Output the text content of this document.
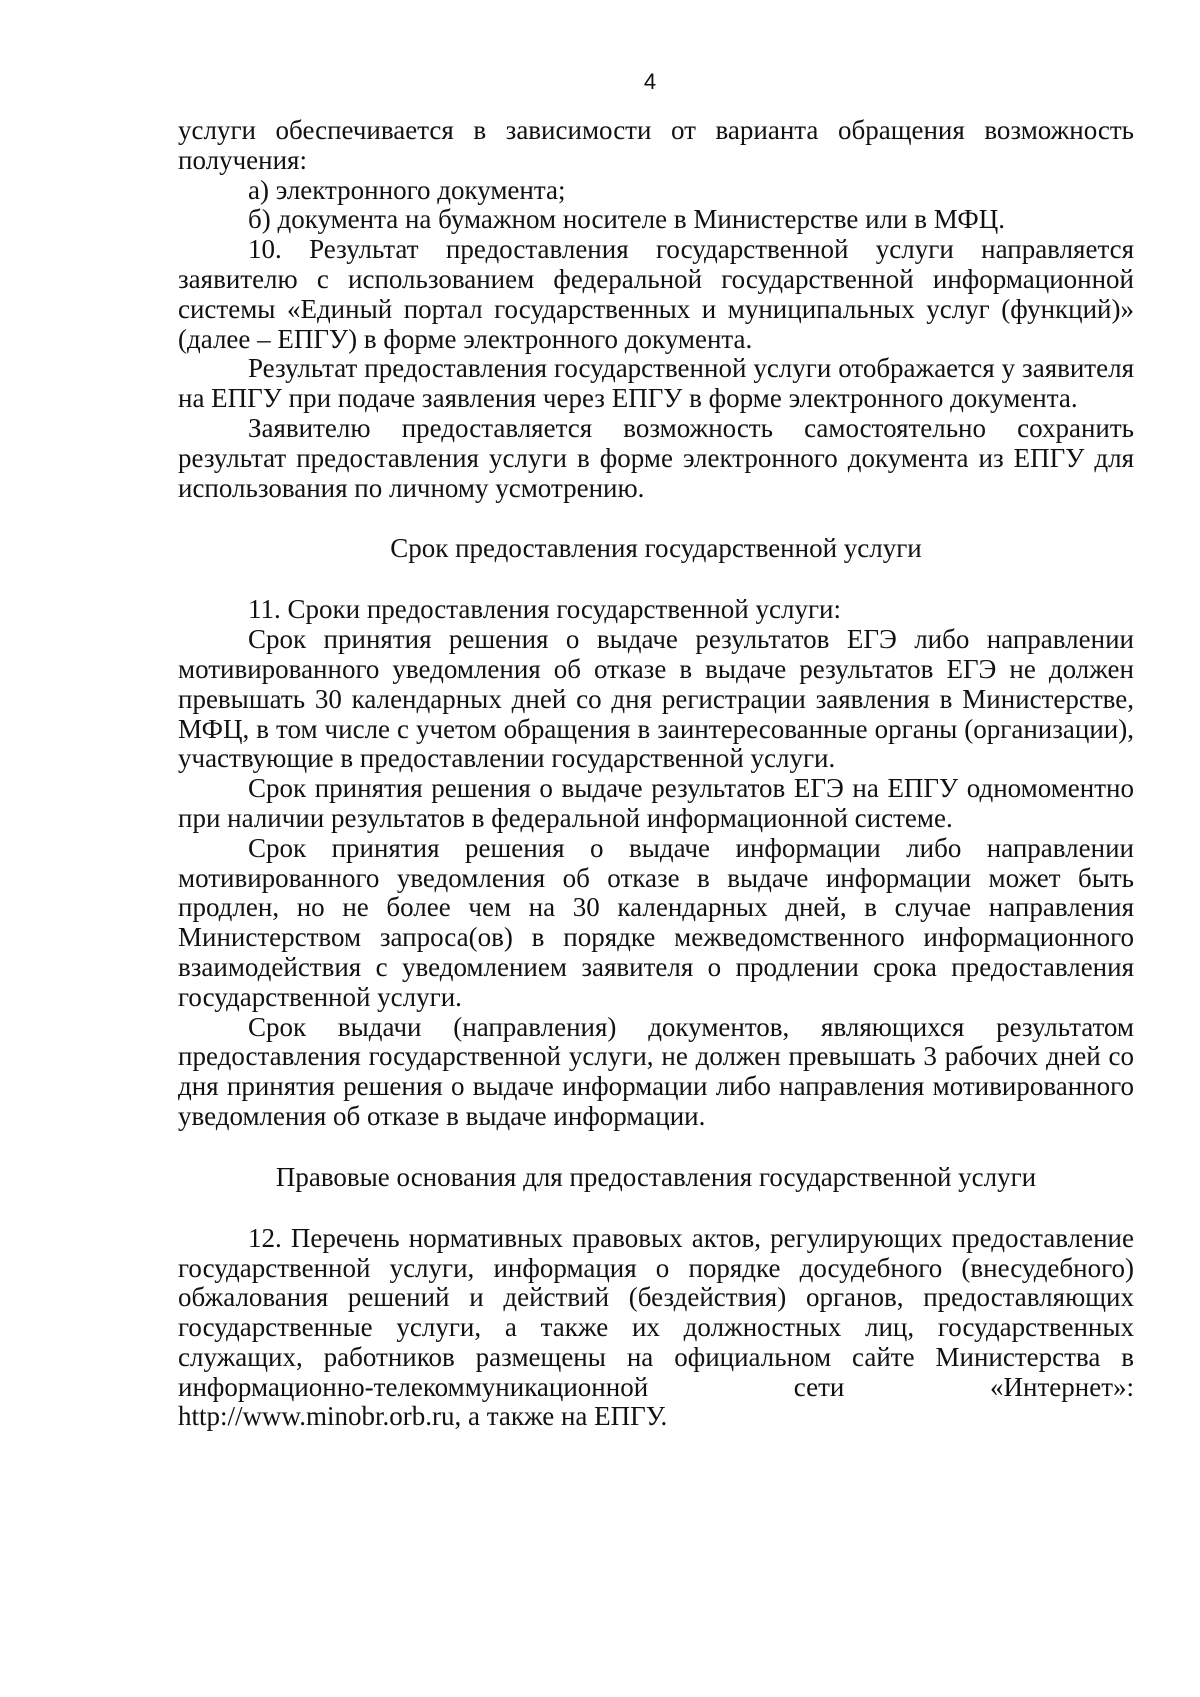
4

услуги обеспечивается в зависимости от варианта обращения возможность получения:

а) электронного документа;

б) документа на бумажном носителе в Министерстве или в МФЦ.

10. Результат предоставления государственной услуги направляется заявителю с использованием федеральной государственной информационной системы «Единый портал государственных и муниципальных услуг (функций)» (далее – ЕПГУ) в форме электронного документа.

Результат предоставления государственной услуги отображается у заявителя на ЕПГУ при подаче заявления через ЕПГУ в форме электронного документа.

Заявителю предоставляется возможность самостоятельно сохранить результат предоставления услуги в форме электронного документа из ЕПГУ для использования по личному усмотрению.

Срок предоставления государственной услуги

11. Сроки предоставления государственной услуги:

Срок принятия решения о выдаче результатов ЕГЭ либо направлении мотивированного уведомления об отказе в выдаче результатов ЕГЭ не должен превышать 30 календарных дней со дня регистрации заявления в Министерстве, МФЦ, в том числе с учетом обращения в заинтересованные органы (организации), участвующие в предоставлении государственной услуги.

Срок принятия решения о выдаче результатов ЕГЭ на ЕПГУ одномоментно при наличии результатов в федеральной информационной системе.

Срок принятия решения о выдаче информации либо направлении мотивированного уведомления об отказе в выдаче информации может быть продлен, но не более чем на 30 календарных дней, в случае направления Министерством запроса(ов) в порядке межведомственного информационного взаимодействия с уведомлением заявителя о продлении срока предоставления государственной услуги.

Срок выдачи (направления) документов, являющихся результатом предоставления государственной услуги, не должен превышать 3 рабочих дней со дня принятия решения о выдаче информации либо направления мотивированного уведомления об отказе в выдаче информации.

Правовые основания для предоставления государственной услуги

12. Перечень нормативных правовых актов, регулирующих предоставление государственной услуги, информация о порядке досудебного (внесудебного) обжалования решений и действий (бездействия) органов, предоставляющих государственные услуги, а также их должностных лиц, государственных служащих, работников размещены на официальном сайте Министерства в информационно-телекоммуникационной сети «Интернет»: http://www.minobr.orb.ru, а также на ЕПГУ.
